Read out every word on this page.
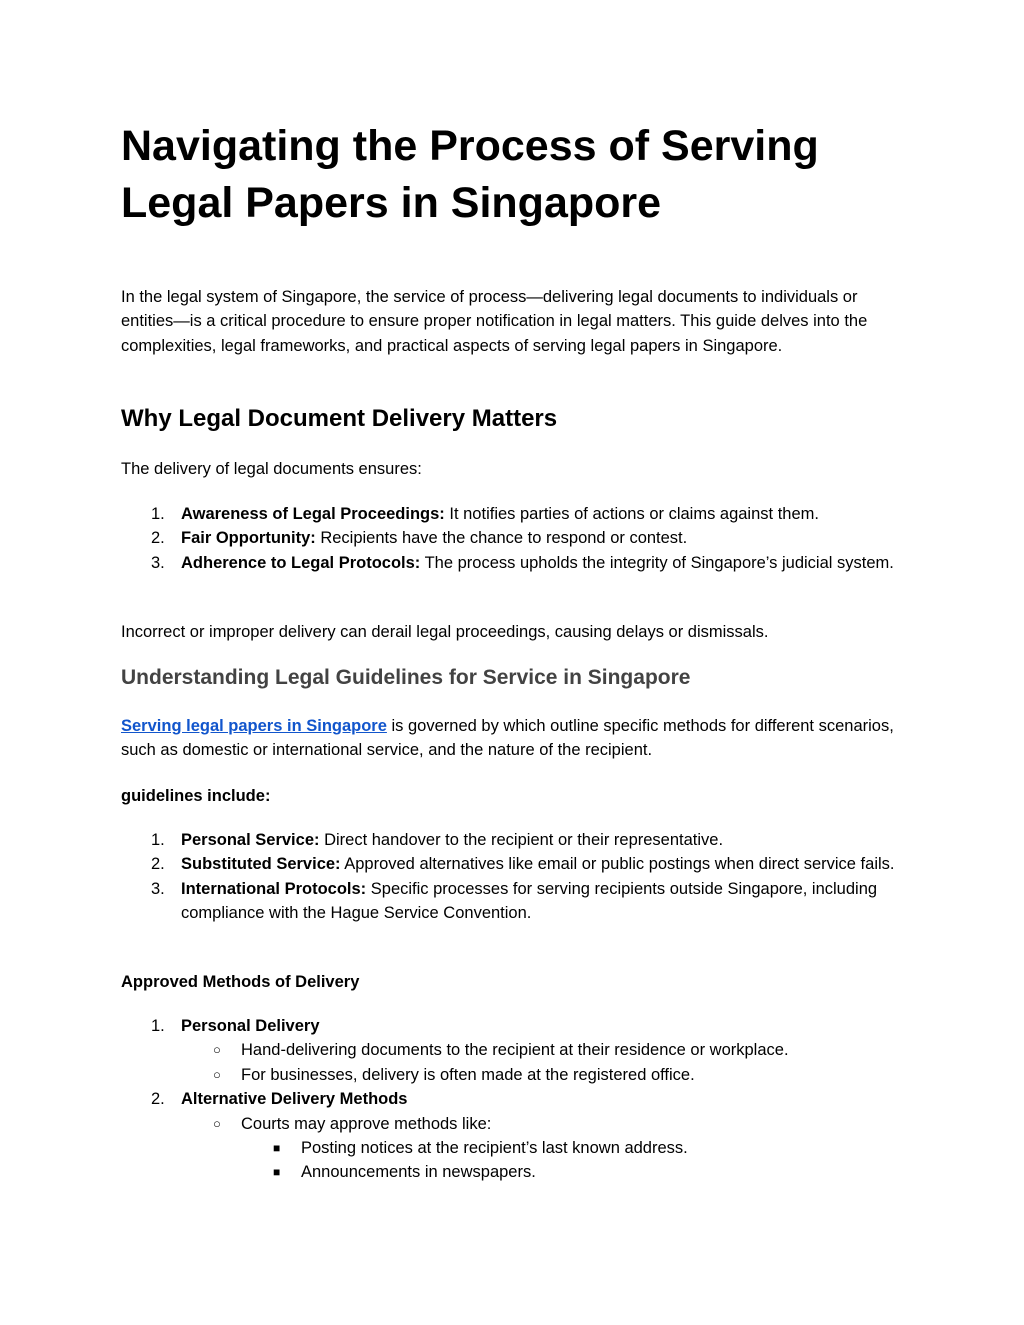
Navigating the Process of Serving Legal Papers in Singapore

In the legal system of Singapore, the service of process—delivering legal documents to individuals or entities—is a critical procedure to ensure proper notification in legal matters. This guide delves into the complexities, legal frameworks, and practical aspects of serving legal papers in Singapore.

Why Legal Document Delivery Matters

The delivery of legal documents ensures:

1. Awareness of Legal Proceedings: It notifies parties of actions or claims against them.
2. Fair Opportunity: Recipients have the chance to respond or contest.
3. Adherence to Legal Protocols: The process upholds the integrity of Singapore’s judicial system.

Incorrect or improper delivery can derail legal proceedings, causing delays or dismissals.

Understanding Legal Guidelines for Service in Singapore

Serving legal papers in Singapore is governed by which outline specific methods for different scenarios, such as domestic or international service, and the nature of the recipient.

guidelines include:

1. Personal Service: Direct handover to the recipient or their representative.
2. Substituted Service: Approved alternatives like email or public postings when direct service fails.
3. International Protocols: Specific processes for serving recipients outside Singapore, including compliance with the Hague Service Convention.

Approved Methods of Delivery

1. Personal Delivery
○ Hand-delivering documents to the recipient at their residence or workplace.
○ For businesses, delivery is often made at the registered office.
2. Alternative Delivery Methods
○ Courts may approve methods like:
■ Posting notices at the recipient’s last known address.
■ Announcements in newspapers.
